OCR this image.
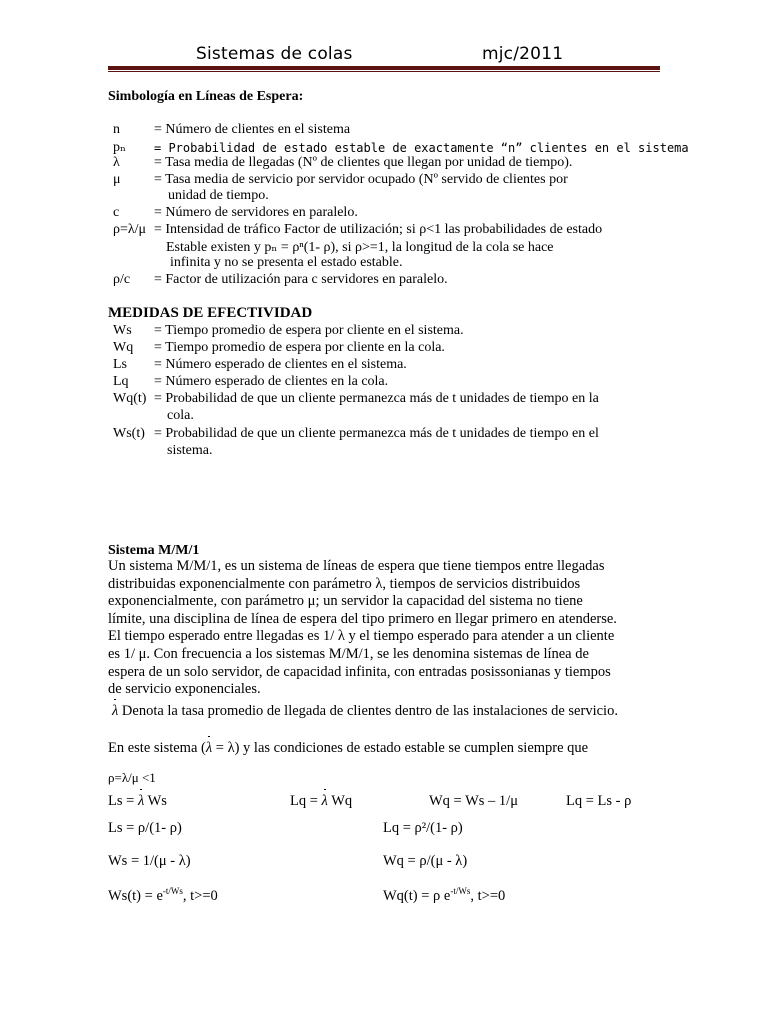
Sistemas de colas	mjc/2011
Simbología en Líneas de Espera:
n = Número de clientes en el sistema
pₙ = Probabilidad de estado estable de exactamente “n” clientes en el sistema
λ = Tasa media de llegadas (Nº de clientes que llegan por unidad de tiempo).
μ = Tasa media de servicio por servidor ocupado (Nº servido de clientes por
unidad de tiempo.
c = Número de servidores en paralelo.
ρ=λ/μ = Intensidad de tráfico Factor de utilización; si ρ<1 las probabilidades de estado
Estable existen y pₙ = ρⁿ(1- ρ), si ρ>=1, la longitud de la cola se hace
infinita y no se presenta el estado estable.
ρ/c = Factor de utilización para c servidores en paralelo.
MEDIDAS DE EFECTIVIDAD
Ws = Tiempo promedio de espera por cliente en el sistema.
Wq = Tiempo promedio de espera por cliente en la cola.
Ls = Número esperado de clientes en el sistema.
Lq = Número esperado de clientes en la cola.
Wq(t) = Probabilidad de que un cliente permanezca más de t unidades de tiempo en la
cola.
Ws(t) = Probabilidad de que un cliente permanezca más de t unidades de tiempo en el
sistema.
Sistema M/M/1

Un sistema M/M/1, es un sistema de líneas de espera que tiene tiempos entre llegadas

distribuidas exponencialmente con parámetro λ, tiempos de servicios distribuidos

exponencialmente, con parámetro μ; un servidor la capacidad del sistema no tiene

límite, una disciplina de línea de espera del tipo primero en llegar primero en atenderse.

El tiempo esperado entre llegadas es 1/ λ y el tiempo esperado para atender a un cliente

es 1/ μ. Con frecuencia a los sistemas M/M/1, se les denomina sistemas de línea de

espera de un solo servidor, de capacidad infinita, con entradas posissonianas y tiempos

de servicio exponenciales.

λ Denota la tasa promedio de llegada de clientes dentro de las instalaciones de servicio.
En este sistema (λ = λ) y las condiciones de estado estable se cumplen siempre que
ρ=λ/μ <1
Ls = λ Ws	Lq = λ Wq	Wq = Ws – 1/μ	Lq = Ls - ρ
Ls = ρ/(1- ρ)	Lq = ρ²/(1- ρ)
Ws = 1/(μ - λ)	Wq = ρ/(μ - λ)
$Ws(t) = e^{-t/Ws}$, t>=0	Wq(t) = ρ $e^{-t/Ws}$, t>=0
